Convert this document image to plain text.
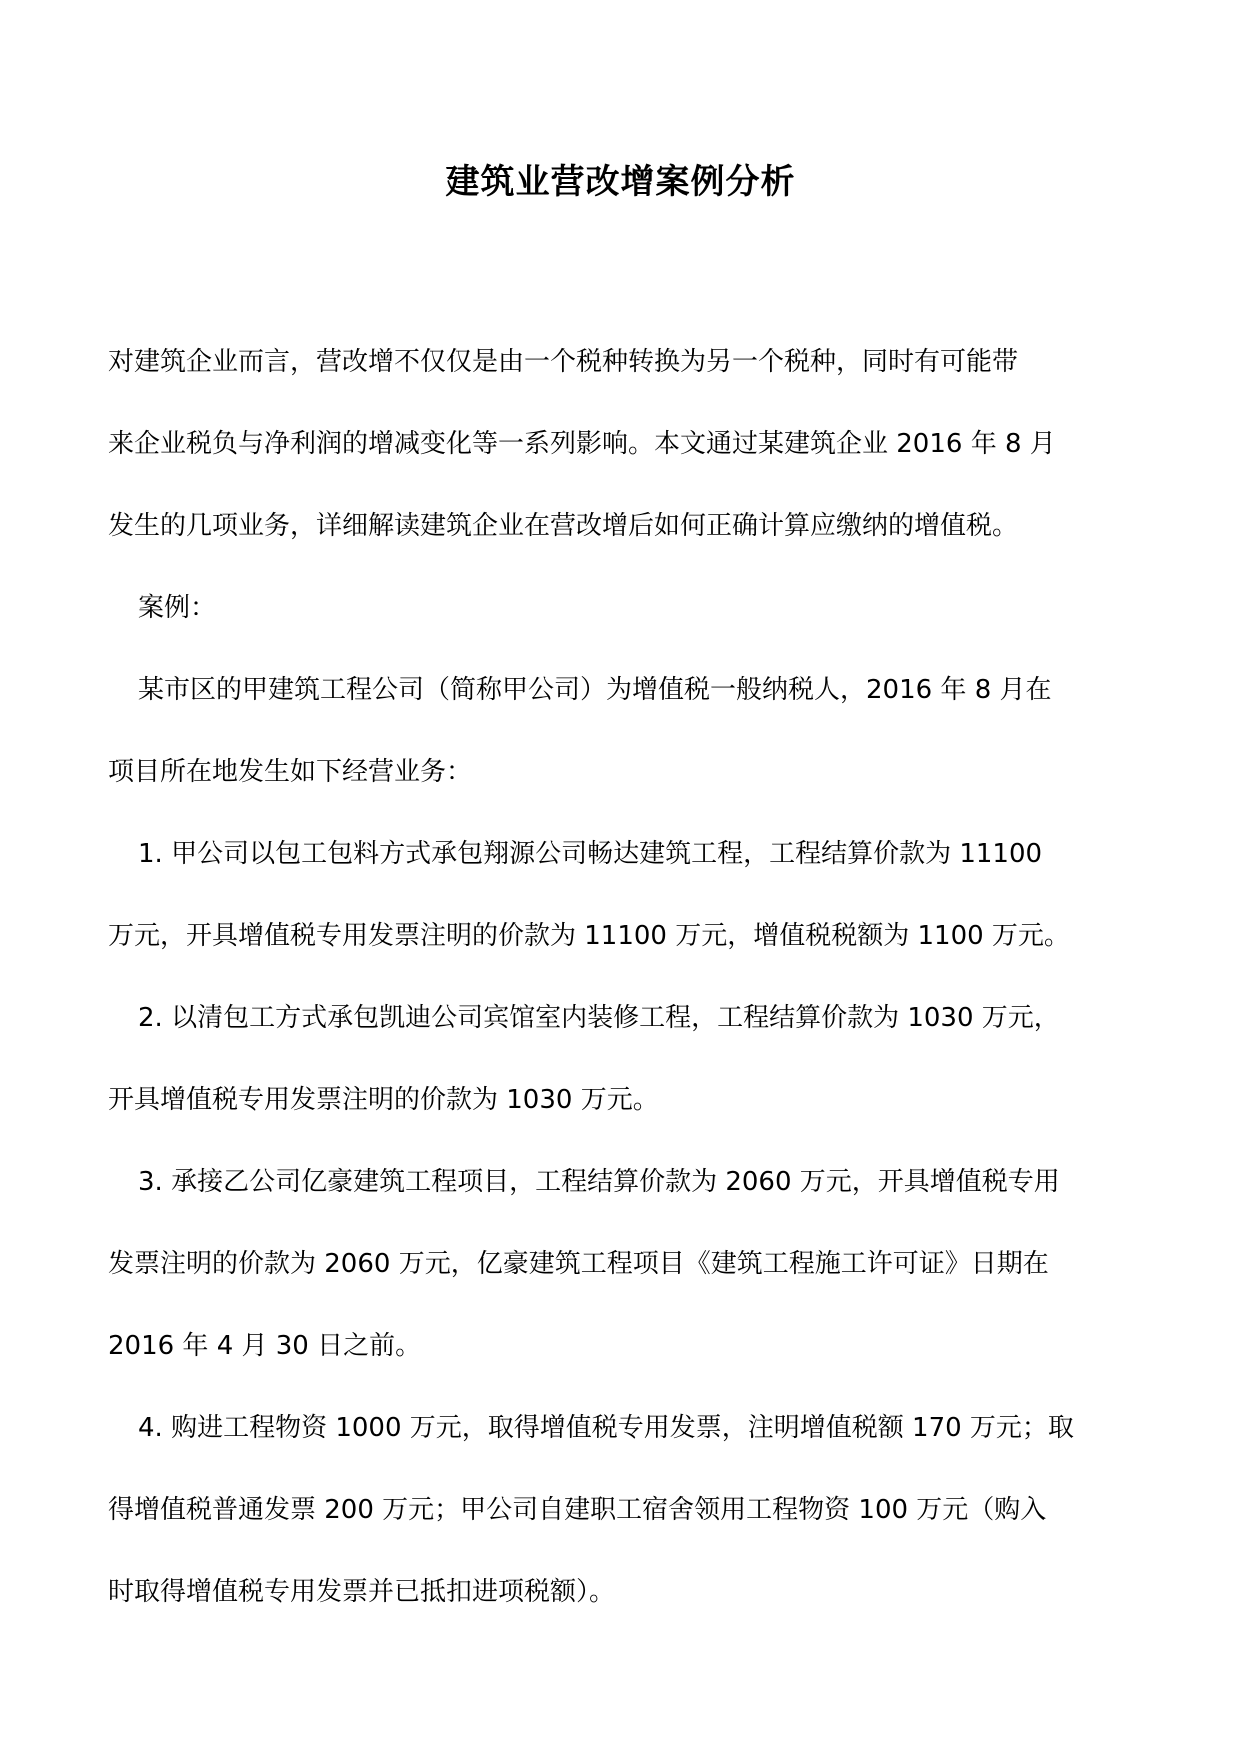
建筑业营改增案例分析
对建筑企业而言，营改增不仅仅是由一个税种转换为另一个税种，同时有可能带
来企业税负与净利润的增减变化等一系列影响。本文通过某建筑企业 2016 年 8 月
发生的几项业务，详细解读建筑企业在营改增后如何正确计算应缴纳的增值税。
案例：
某市区的甲建筑工程公司（简称甲公司）为增值税一般纳税人，2016 年 8 月在
项目所在地发生如下经营业务：
1. 甲公司以包工包料方式承包翔源公司畅达建筑工程，工程结算价款为 11100
万元，开具增值税专用发票注明的价款为 11100 万元，增值税税额为 1100 万元。
2. 以清包工方式承包凯迪公司宾馆室内装修工程，工程结算价款为 1030 万元，
开具增值税专用发票注明的价款为 1030 万元。
3. 承接乙公司亿豪建筑工程项目，工程结算价款为 2060 万元，开具增值税专用
发票注明的价款为 2060 万元，亿豪建筑工程项目《建筑工程施工许可证》日期在
2016 年 4 月 30 日之前。
4. 购进工程物资 1000 万元，取得增值税专用发票，注明增值税额 170 万元；取
得增值税普通发票 200 万元；甲公司自建职工宿舍领用工程物资 100 万元（购入
时取得增值税专用发票并已抵扣进项税额）。
